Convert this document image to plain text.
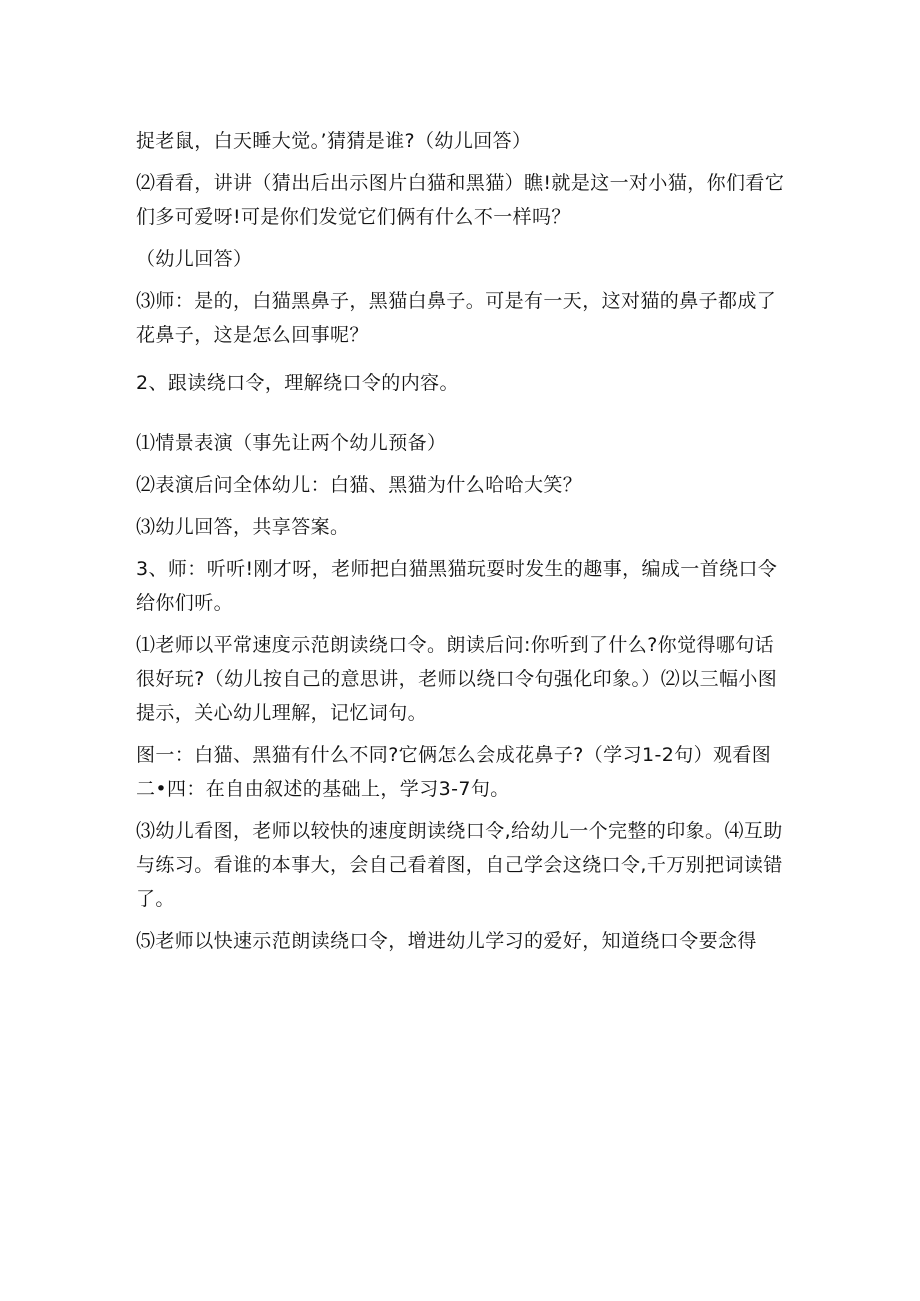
捉老鼠，白天睡大觉。’猜猜是谁?（幼儿回答）

⑵看看，讲讲（猜出后出示图片白猫和黑猫）瞧!就是这一对小猫，你们看它们多可爱呀!可是你们发觉它们俩有什么不一样吗？

（幼儿回答）

⑶师：是的，白猫黑鼻子，黑猫白鼻子。可是有一天，这对猫的鼻子都成了花鼻子，这是怎么回事呢？

2、跟读绕口令，理解绕口令的内容。

⑴情景表演（事先让两个幼儿预备）

⑵表演后问全体幼儿：白猫、黑猫为什么哈哈大笑？

⑶幼儿回答，共享答案。

3、师：听听!刚才呀，老师把白猫黑猫玩耍时发生的趣事，编成一首绕口令给你们听。

⑴老师以平常速度示范朗读绕口令。朗读后问:你听到了什么?你觉得哪句话很好玩?（幼儿按自己的意思讲，老师以绕口令句强化印象。）⑵以三幅小图提示，关心幼儿理解，记忆词句。

图一：白猫、黑猫有什么不同?它俩怎么会成花鼻子?（学习1-2句）观看图二•四：在自由叙述的基础上，学习3-7句。

⑶幼儿看图，老师以较快的速度朗读绕口令,给幼儿一个完整的印象。⑷互助与练习。看谁的本事大，会自己看着图，自己学会这绕口令,千万别把词读错了。

⑸老师以快速示范朗读绕口令，增进幼儿学习的爱好，知道绕口令要念得
